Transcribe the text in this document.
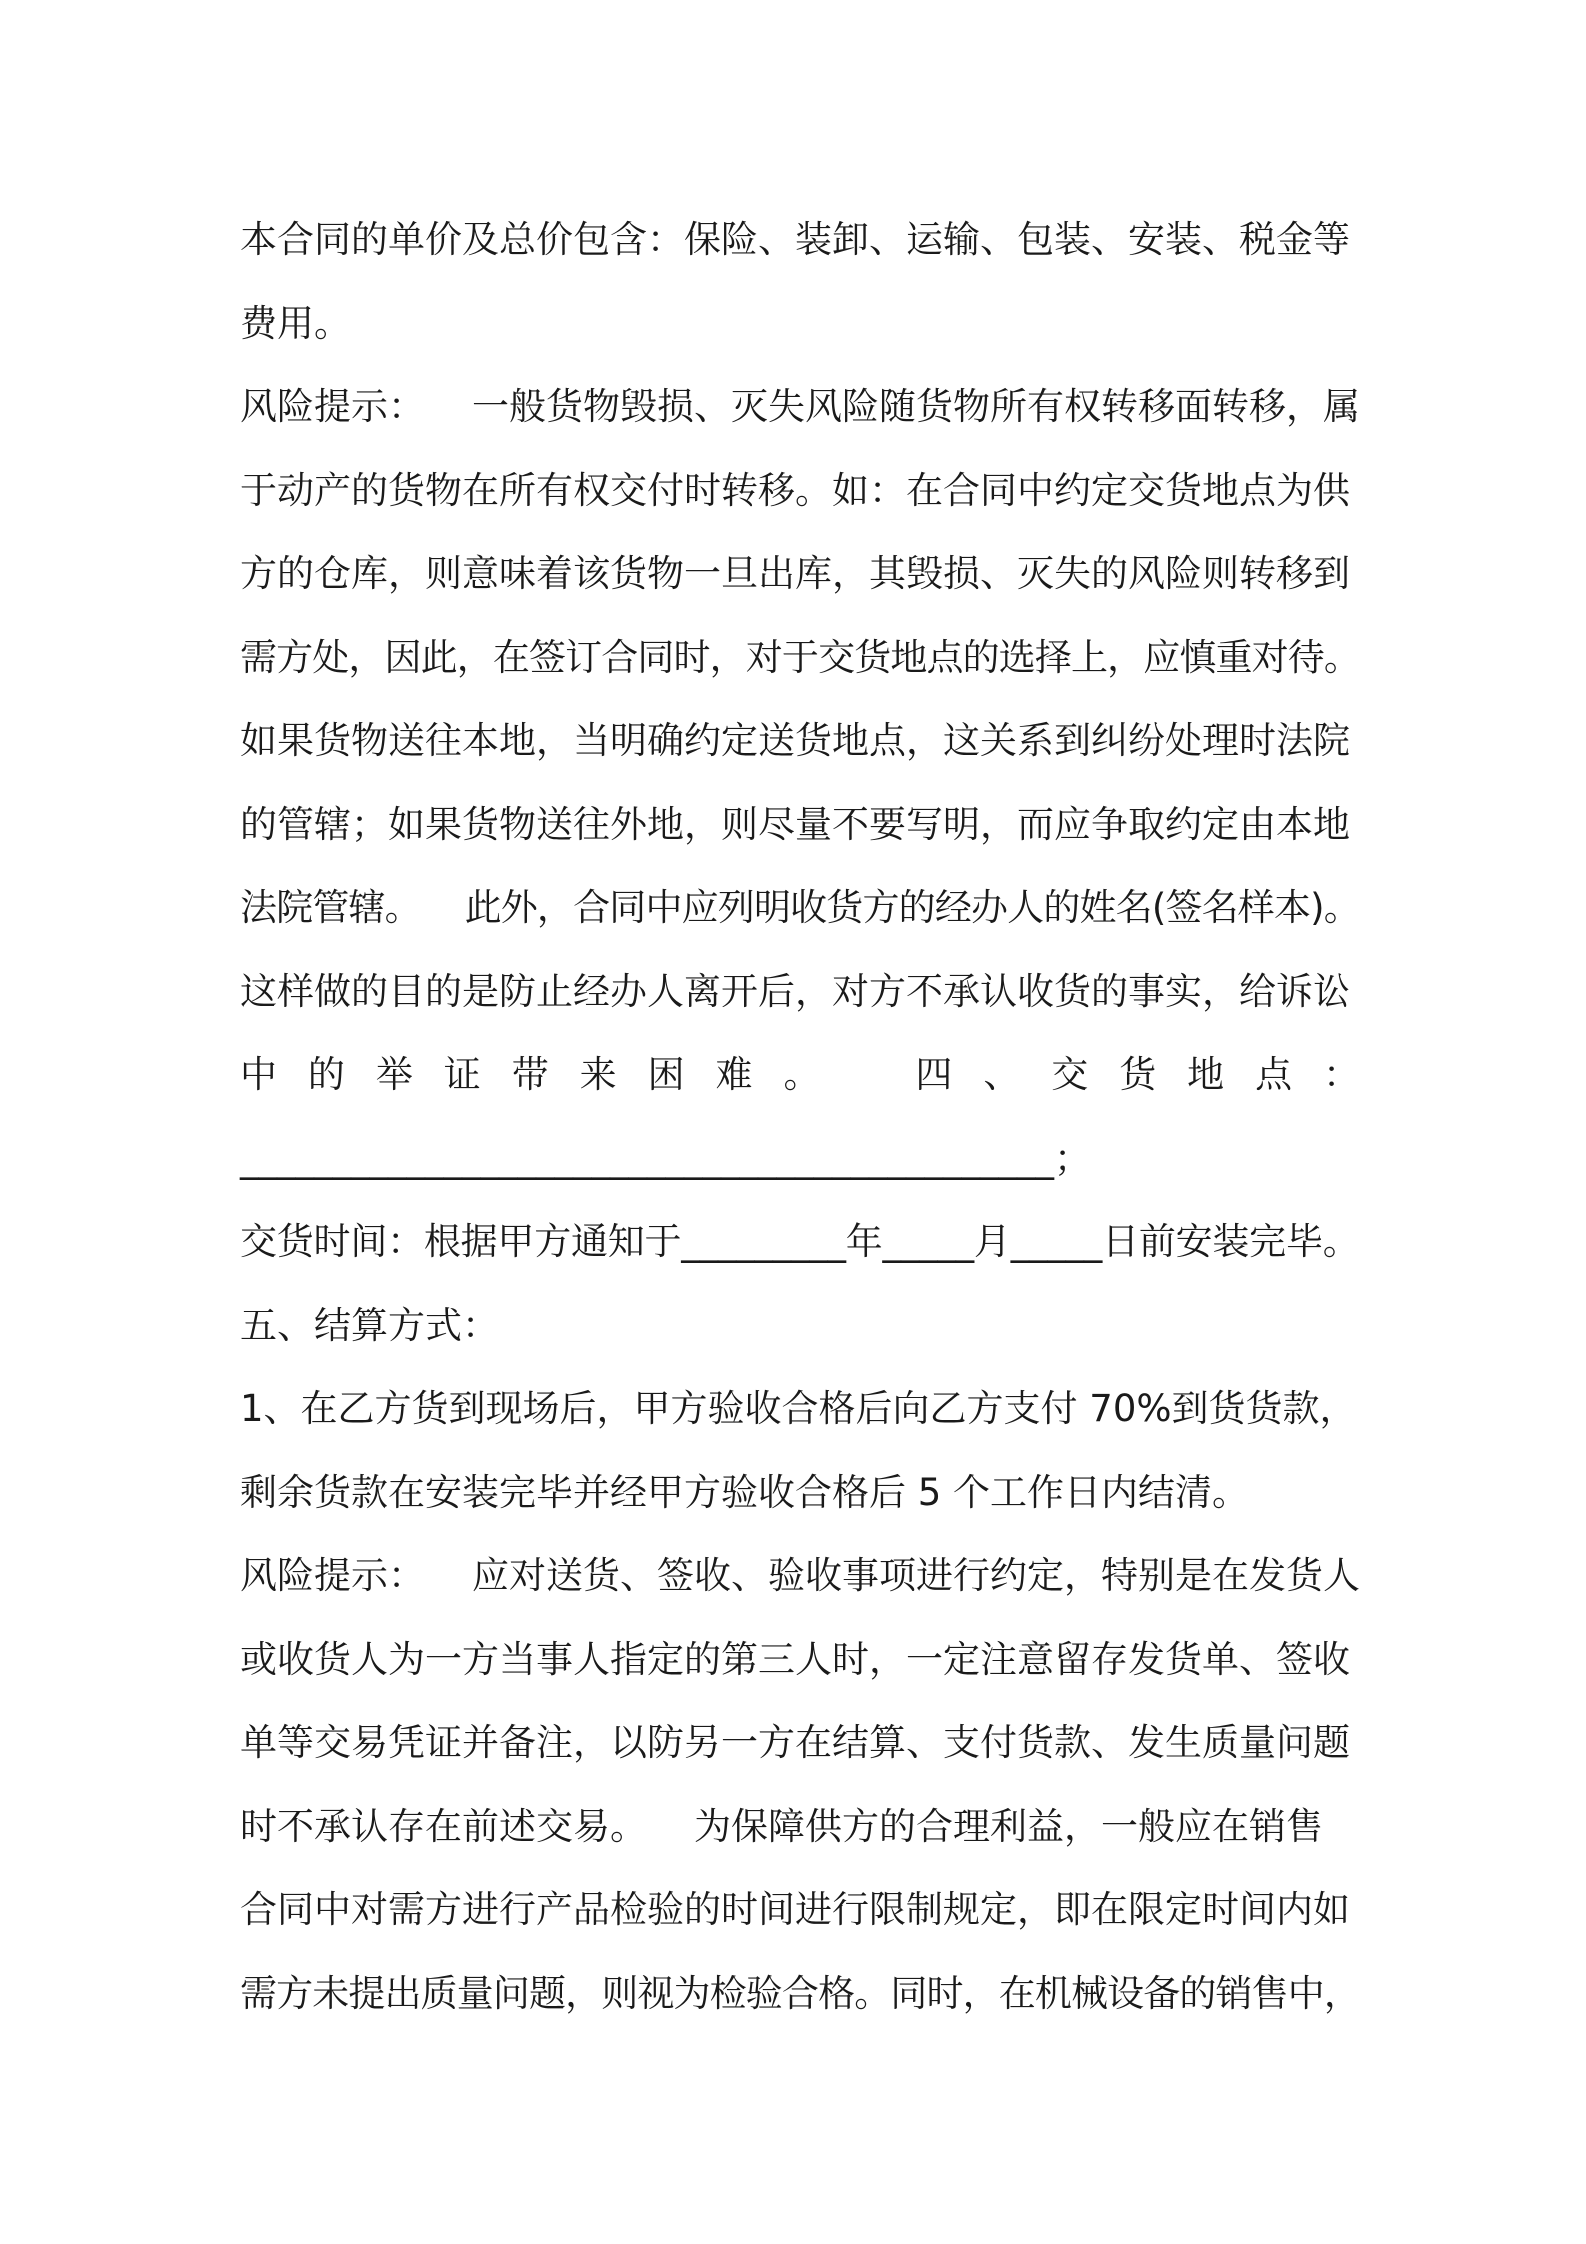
本合同的单价及总价包含：保险、装卸、运输、包装、安装、税金等
费用。
风险提示：    一般货物毁损、灭失风险随货物所有权转移面转移，属
于动产的货物在所有权交付时转移。如：在合同中约定交货地点为供
方的仓库，则意味着该货物一旦出库，其毁损、灭失的风险则转移到
需方处，因此，在签订合同时，对于交货地点的选择上，应慎重对待。
如果货物送往本地，当明确约定送货地点，这关系到纠纷处理时法院
的管辖；如果货物送往外地，则尽量不要写明，而应争取约定由本地
法院管辖。    此外，合同中应列明收货方的经办人的姓名(签名样本)。
这样做的目的是防止经办人离开后，对方不承认收货的事实，给诉讼
中 的 举 证 带 来 困 难 。    四 、 交 货 地 点 ：
____________________________________________；
交货时间：根据甲方通知于_________年_____月_____日前安装完毕。
五、结算方式：
1、在乙方货到现场后，甲方验收合格后向乙方支付 70%到货货款，
剩余货款在安装完毕并经甲方验收合格后 5 个工作日内结清。
风险提示：    应对送货、签收、验收事项进行约定，特别是在发货人
或收货人为一方当事人指定的第三人时，一定注意留存发货单、签收
单等交易凭证并备注，以防另一方在结算、支付货款、发生质量问题
时不承认存在前述交易。    为保障供方的合理利益，一般应在销售
合同中对需方进行产品检验的时间进行限制规定，即在限定时间内如
需方未提出质量问题，则视为检验合格。同时，在机械设备的销售中，
